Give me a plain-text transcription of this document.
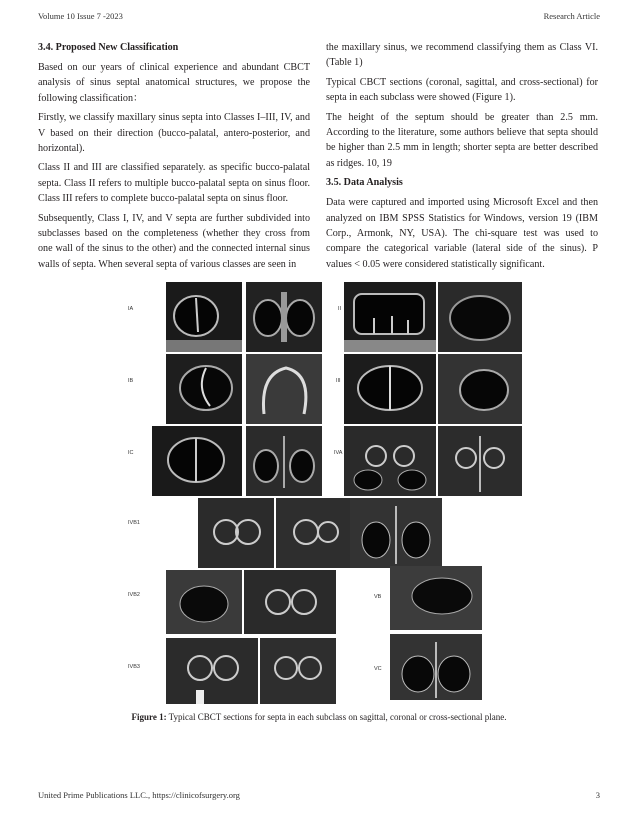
Volume 10 Issue 7 -2023	Research Article
3.4. Proposed New Classification

Based on our years of clinical experience and abundant CBCT analysis of sinus septal anatomical structures, we propose the following classification：

Firstly, we classify maxillary sinus septa into Classes I–III, IV, and V based on their direction (bucco-palatal, antero-posterior, and horizontal).

Class II and III are classified separately. as specific bucco-palatal septa. Class II refers to multiple bucco-palatal septa on sinus floor. Class III refers to complete bucco-palatal septa on sinus floor.

Subsequently, Class I, IV, and V septa are further subdivided into subclasses based on the completeness (whether they cross from one wall of the sinus to the other) and the connected internal sinus walls of septa. When several septa of various classes are seen in

the maxillary sinus, we recommend classifying them as Class VI. (Table 1)

Typical CBCT sections (coronal, sagittal, and cross-sectional) for septa in each subclass were showed (Figure 1).

The height of the septum should be greater than 2.5 mm. According to the literature, some authors believe that septa should be higher than 2.5 mm in length; shorter septa are better described as ridges. 10, 19

3.5. Data Analysis

Data were captured and imported using Microsoft Excel and then analyzed on IBM SPSS Statistics for Windows, version 19 (IBM Corp., Armonk, NY, USA). The chi-square test was used to compare the categorical variable (lateral side of the sinus). P values < 0.05 were considered statistically significant.

IA
IB
IC
IVB1
IVB2
IVB3
II
III
IVA
VB
VC
Figure 1: Typical CBCT sections for septa in each subclass on sagittal, coronal or cross-sectional plane.
United Prime Publications LLC., https://clinicofsurgery.org	3
